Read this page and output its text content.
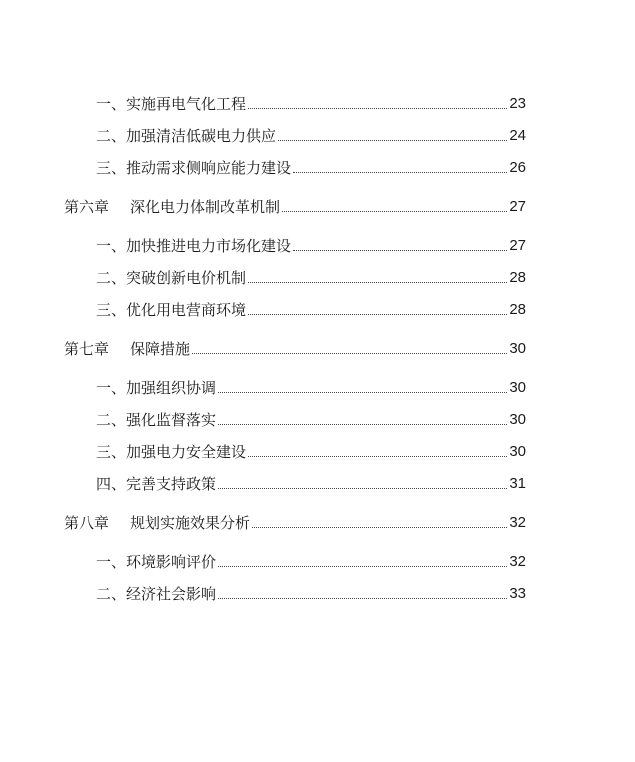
一、实施再电气化工程	23
二、加强清洁低碳电力供应	24
三、推动需求侧响应能力建设	26
第六章 深化电力体制改革机制	27
一、加快推进电力市场化建设	27
二、突破创新电价机制	28
三、优化用电营商环境	28
第七章 保障措施	30
一、加强组织协调	30
二、强化监督落实	30
三、加强电力安全建设	30
四、完善支持政策	31
第八章 规划实施效果分析	32
一、环境影响评价	32
二、经济社会影响	33
